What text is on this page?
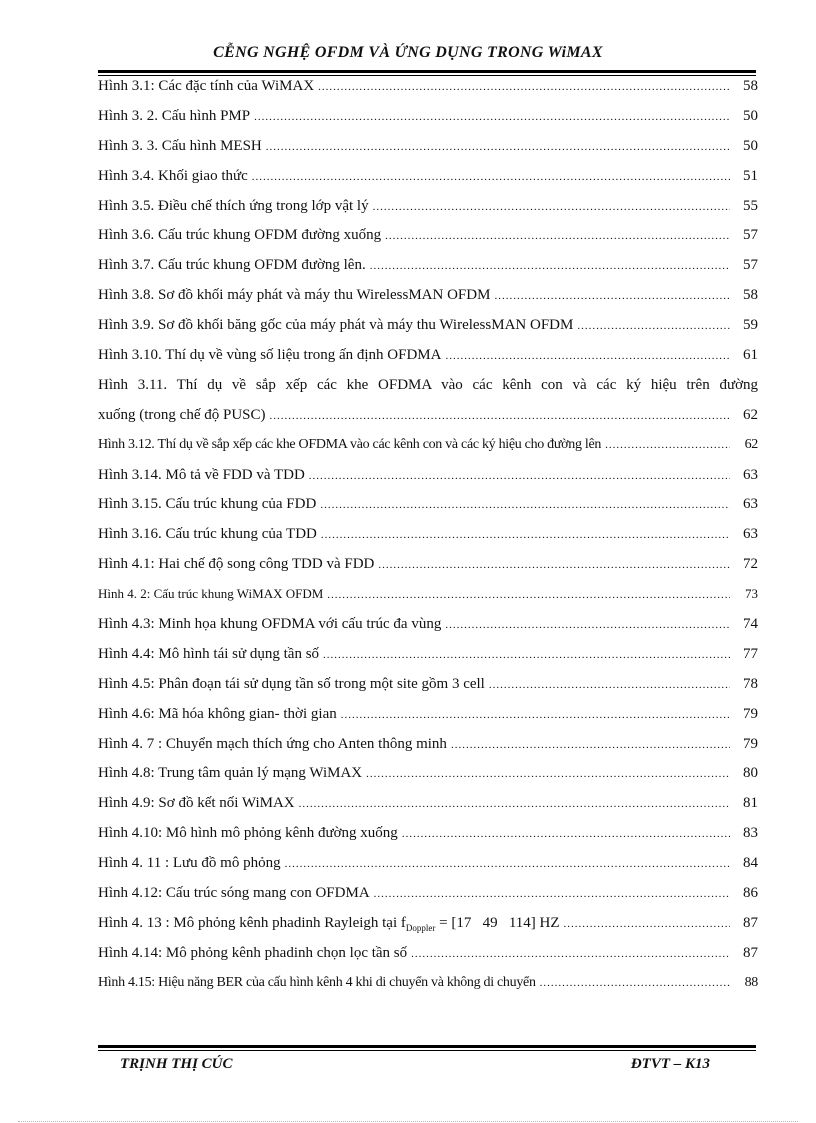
CỄNG NGHỆ OFDM VÀ ỨNG DỤNG TRONG WiMAX
Hình 3.1: Các đặc tính của WiMAX .....	58
Hình 3. 2. Cấu hình PMP .....	50
Hình 3. 3. Cấu hình MESH .....	50
Hình 3.4. Khối giao thức .....	51
Hình 3.5. Điều chế thích ứng trong lớp vật lý .....	55
Hình 3.6. Cấu trúc khung OFDM đường xuống .....	57
Hình 3.7. Cấu trúc khung OFDM đường lên. .....	57
Hình 3.8. Sơ đồ khối máy phát và máy thu WirelessMAN OFDM .....	58
Hình 3.9. Sơ đồ khối băng gốc của máy phát và máy thu WirelessMAN OFDM .....	59
Hình 3.10. Thí dụ về vùng số liệu trong ấn định OFDMA .....	61
Hình 3.11. Thí dụ về sắp xếp các khe OFDMA vào các kênh con và các ký hiệu trên đường
xuống (trong chế độ PUSC) .....	62
Hình 3.12. Thí dụ về sắp xếp các khe OFDMA vào các kênh con và các ký hiệu cho đường lên .....	62
Hình 3.14. Mô tả về FDD và TDD .....	63
Hình 3.15. Cấu trúc khung của FDD .....	63
Hình 3.16. Cấu trúc khung của TDD .....	63
Hình 4.1: Hai chế độ song công TDD và FDD .....	72
Hình 4. 2: Cấu trúc khung WiMAX OFDM .....	73
Hình 4.3: Minh họa khung OFDMA với cấu trúc đa vùng .....	74
Hình 4.4: Mô hình tái sử dụng tần số .....	77
Hình 4.5: Phân đoạn tái sử dụng tần số trong một site gồm 3 cell .....	78
Hình 4.6: Mã hóa không gian- thời gian .....	79
Hình 4. 7 : Chuyển mạch thích ứng cho Anten thông minh .....	79
Hình 4.8: Trung tâm quản lý mạng WiMAX .....	80
Hình 4.9: Sơ đồ kết nối WiMAX .....	81
Hình 4.10: Mô hình mô phỏng kênh đường xuống .....	83
Hình 4. 11 : Lưu đồ mô phỏng .....	84
Hình 4.12: Cấu trúc sóng mang con OFDMA .....	86
Hình 4. 13 : Mô phỏng kênh phadinh Rayleigh tại $f_{Doppler} = [17$   49   114] HZ .....	87
Hình 4.14: Mô phỏng kênh phadinh chọn lọc tần số .....	87
Hình 4.15: Hiệu năng BER của cấu hình kênh 4 khi di chuyển và không di chuyển .....	88
TRỊNH THỊ CÚC	ĐTVT – K13
